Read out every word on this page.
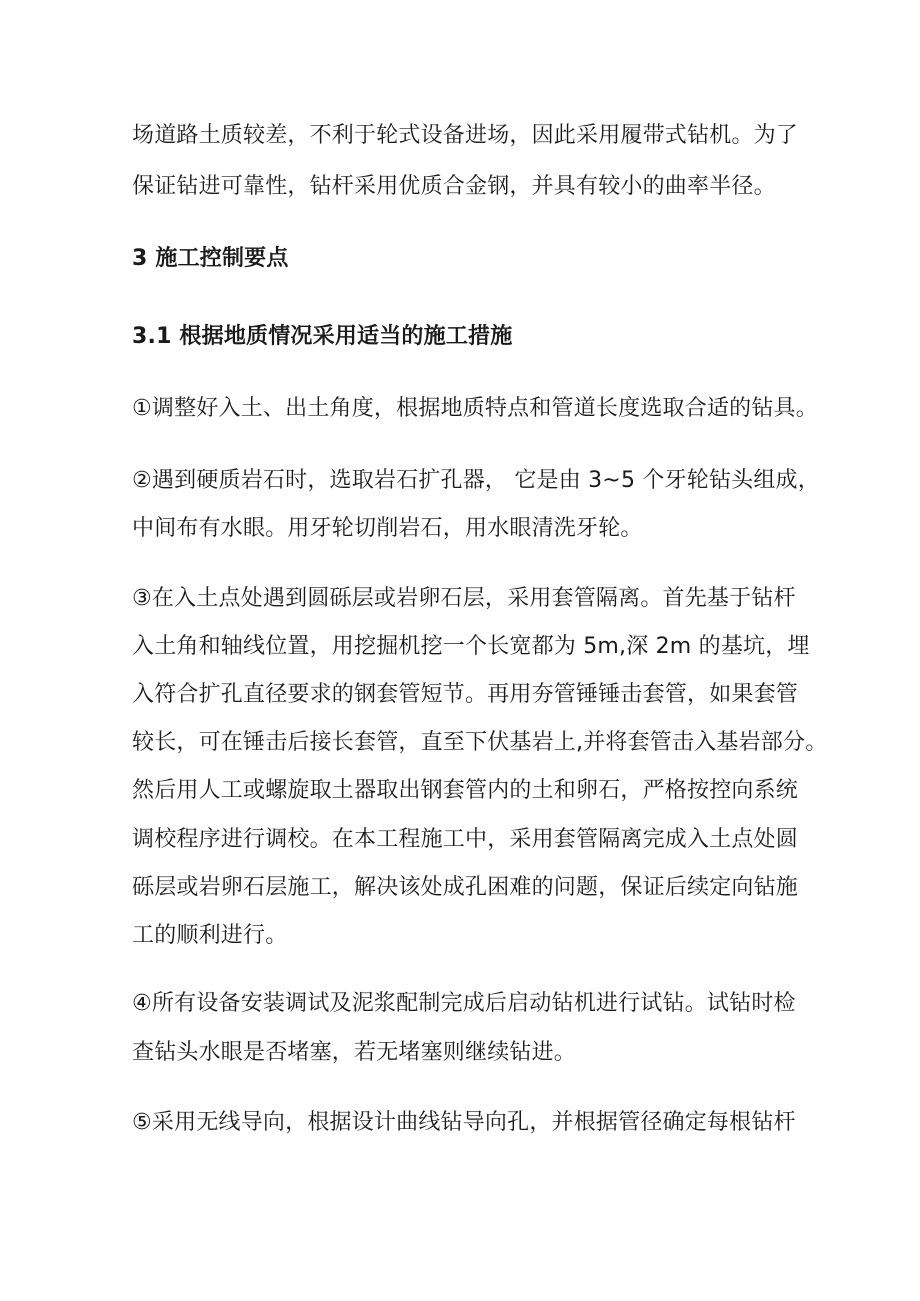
场道路土质较差，不利于轮式设备进场，因此采用履带式钻机。为了
保证钻进可靠性，钻杆采用优质合金钢，并具有较小的曲率半径。
3 施工控制要点
3.1 根据地质情况采用适当的施工措施
①调整好入土、出土角度，根据地质特点和管道长度选取合适的钻具。
②遇到硬质岩石时，选取岩石扩孔器， 它是由 3~5 个牙轮钻头组成，
中间布有水眼。用牙轮切削岩石，用水眼清洗牙轮。
③在入土点处遇到圆砾层或岩卵石层，采用套管隔离。首先基于钻杆
入土角和轴线位置，用挖掘机挖一个长宽都为 5m,深 2m 的基坑，埋
入符合扩孔直径要求的钢套管短节。再用夯管锤锤击套管，如果套管
较长，可在锤击后接长套管，直至下伏基岩上,并将套管击入基岩部分。
然后用人工或螺旋取土器取出钢套管内的土和卵石，严格按控向系统
调校程序进行调校。在本工程施工中，采用套管隔离完成入土点处圆
砾层或岩卵石层施工，解决该处成孔困难的问题，保证后续定向钻施
工的顺利进行。
④所有设备安装调试及泥浆配制完成后启动钻机进行试钻。试钻时检
查钻头水眼是否堵塞，若无堵塞则继续钻进。
⑤采用无线导向，根据设计曲线钻导向孔，并根据管径确定每根钻杆
